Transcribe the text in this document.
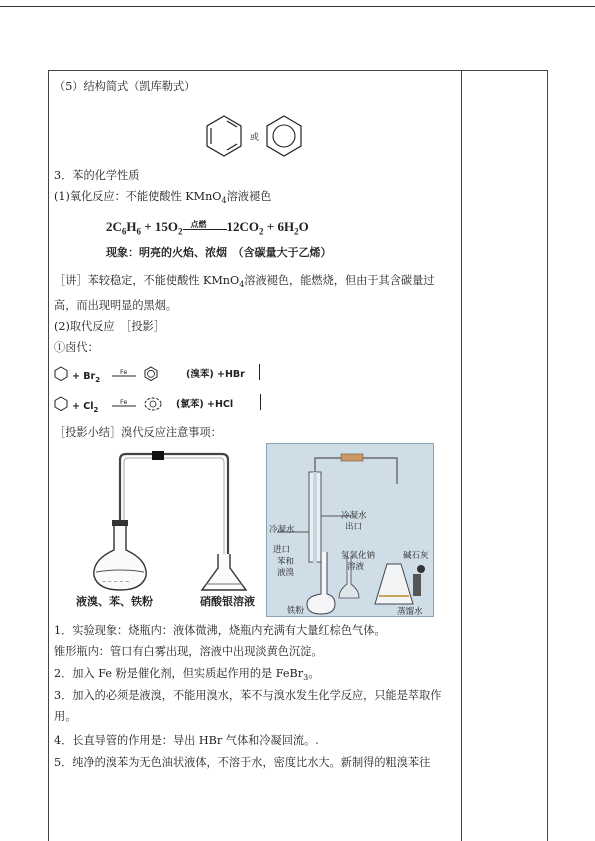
（5）结构简式（凯库勒式）
或
3．苯的化学性质
(1)氧化反应：不能使酸性 KMnO$_4$溶液褪色
$2C_6H_6 + 15O_2$
点燃 $12CO_2 + 6H_2O$
现象：明亮的火焰、浓烟　（含碳量大于乙烯）
［讲］苯较稳定，不能使酸性 KMnO$_4$溶液褪色，能燃烧，但由于其含碳量过高，而出现明显的黑烟。
(2)取代反应　［投影］
①卤代：
+ $Br_2$
Fe	(溴苯) +HBr
+ $Cl_2$
Fe	(氯苯) +HCl
［投影小结］溴代反应注意事项：
~ ~ ~ ~ ~
液溴、苯、铁粉	硝酸银溶液
冷凝水
出口
冷凝水
进口
苯和
液溴
氢氧化钠
溶液
碱石灰
铁粉	蒸馏水
1．实验现象：烧瓶内：液体微沸，烧瓶内充满有大量红棕色气体。
锥形瓶内：管口有白雾出现，溶液中出现淡黄色沉淀。
2．加入 Fe 粉是催化剂，但实质起作用的是 FeBr$_3$。
3．加入的必须是液溴，不能用溴水，苯不与溴水发生化学反应，只能是萃取作用。
4．长直导管的作用是：导出 HBr 气体和冷凝回流。.
5．纯净的溴苯为无色油状液体，不溶于水，密度比水大。新制得的粗溴苯往
